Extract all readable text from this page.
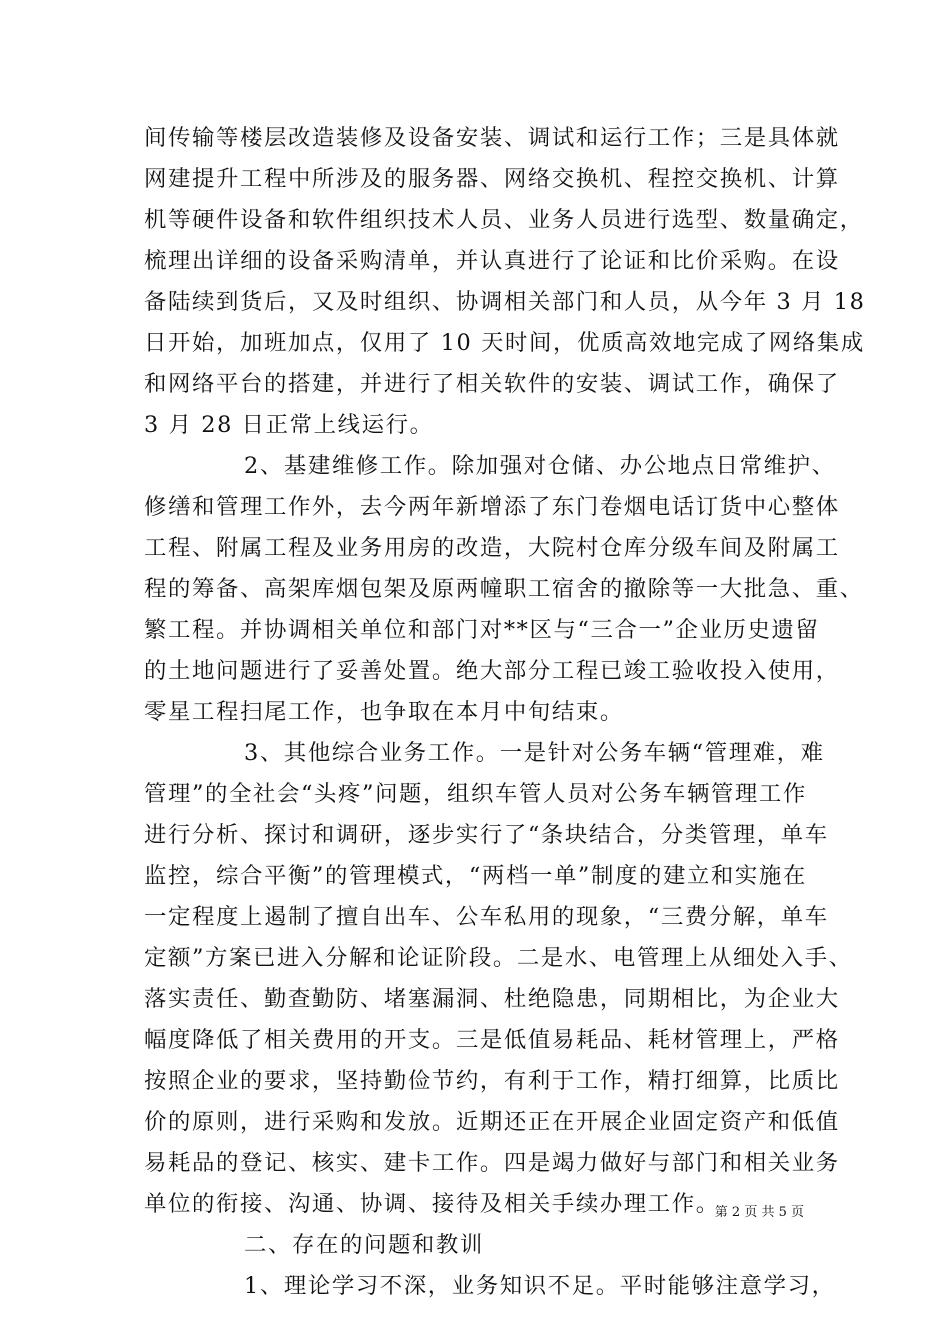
间传输等楼层改造装修及设备安装、调试和运行工作；三是具体就
网建提升工程中所涉及的服务器、网络交换机、程控交换机、计算
机等硬件设备和软件组织技术人员、业务人员进行选型、数量确定，
梳理出详细的设备采购清单，并认真进行了论证和比价采购。在设
备陆续到货后，又及时组织、协调相关部门和人员，从今年 3 月 18
日开始，加班加点，仅用了 10 天时间，优质高效地完成了网络集成
和网络平台的搭建，并进行了相关软件的安装、调试工作，确保了
3 月 28 日正常上线运行。
2、基建维修工作。除加强对仓储、办公地点日常维护、
修缮和管理工作外，去今两年新增添了东门卷烟电话订货中心整体
工程、附属工程及业务用房的改造，大院村仓库分级车间及附属工
程的筹备、高架库烟包架及原两幢职工宿舍的撤除等一大批急、重、
繁工程。并协调相关单位和部门对**区与“三合一”企业历史遗留
的土地问题进行了妥善处置。绝大部分工程已竣工验收投入使用，
零星工程扫尾工作，也争取在本月中旬结束。
3、其他综合业务工作。一是针对公务车辆“管理难，难
管理”的全社会“头疼”问题，组织车管人员对公务车辆管理工作
进行分析、探讨和调研，逐步实行了“条块结合，分类管理，单车
监控，综合平衡”的管理模式，“两档一单”制度的建立和实施在
一定程度上遏制了擅自出车、公车私用的现象，“三费分解，单车
定额”方案已进入分解和论证阶段。二是水、电管理上从细处入手、
落实责任、勤查勤防、堵塞漏洞、杜绝隐患，同期相比，为企业大
幅度降低了相关费用的开支。三是低值易耗品、耗材管理上，严格
按照企业的要求，坚持勤俭节约，有利于工作，精打细算，比质比
价的原则，进行采购和发放。近期还正在开展企业固定资产和低值
易耗品的登记、核实、建卡工作。四是竭力做好与部门和相关业务
单位的衔接、沟通、协调、接待及相关手续办理工作。
二、存在的问题和教训
1、理论学习不深，业务知识不足。平时能够注意学习，
第 2 页 共 5 页
